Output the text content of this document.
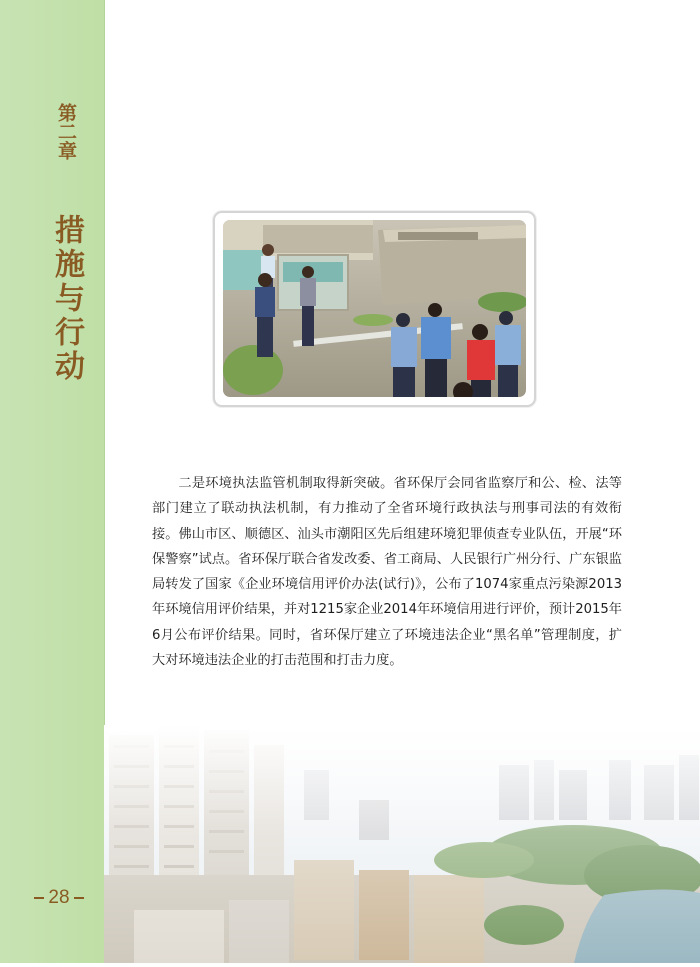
第二章
措施与行动
28

二是环境执法监管机制取得新突破。省环保厅会同省监察厅和公、检、法等部门建立了联动执法机制，有力推动了全省环境行政执法与刑事司法的有效衔接。佛山市区、顺德区、汕头市潮阳区先后组建环境犯罪侦查专业队伍，开展“环保警察”试点。省环保厅联合省发改委、省工商局、人民银行广州分行、广东银监局转发了国家《企业环境信用评价办法(试行)》，公布了1074家重点污染源2013年环境信用评价结果，并对1215家企业2014年环境信用进行评价，预计2015年6月公布评价结果。同时，省环保厅建立了环境违法企业“黑名单”管理制度，扩大对环境违法企业的打击范围和打击力度。
